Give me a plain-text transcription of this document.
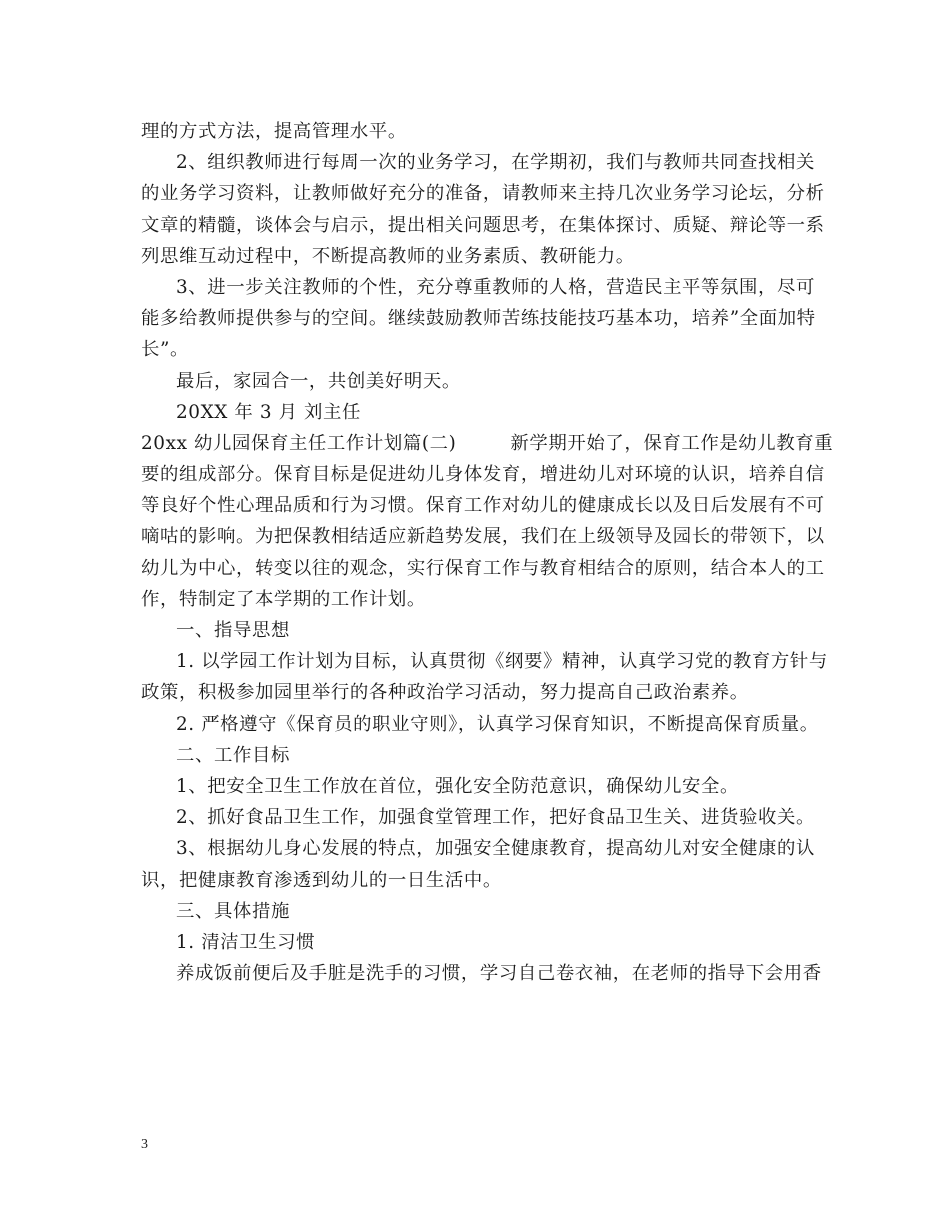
理的方式方法，提高管理水平。
2、组织教师进行每周一次的业务学习，在学期初，我们与教师共同查找相关
的业务学习资料，让教师做好充分的准备，请教师来主持几次业务学习论坛，分析
文章的精髓，谈体会与启示，提出相关问题思考，在集体探讨、质疑、辩论等一系
列思维互动过程中，不断提高教师的业务素质、教研能力。
3、进一步关注教师的个性，充分尊重教师的人格，营造民主平等氛围，尽可
能多给教师提供参与的空间。继续鼓励教师苦练技能技巧基本功，培养”全面加特
长”。
最后，家园合一，共创美好明天。
20XX 年 3 月 刘主任
20xx 幼儿园保育主任工作计划篇(二)	新学期开始了，保育工作是幼儿教育重
要的组成部分。保育目标是促进幼儿身体发育，增进幼儿对环境的认识，培养自信
等良好个性心理品质和行为习惯。保育工作对幼儿的健康成长以及日后发展有不可
嘀咕的影响。为把保教相结适应新趋势发展，我们在上级领导及园长的带领下，以
幼儿为中心，转变以往的观念，实行保育工作与教育相结合的原则，结合本人的工
作，特制定了本学期的工作计划。
一、指导思想
1. 以学园工作计划为目标，认真贯彻《纲要》精神，认真学习党的教育方针与
政策，积极参加园里举行的各种政治学习活动，努力提高自己政治素养。
2. 严格遵守《保育员的职业守则》，认真学习保育知识，不断提高保育质量。
二、工作目标
1、把安全卫生工作放在首位，强化安全防范意识，确保幼儿安全。
2、抓好食品卫生工作，加强食堂管理工作，把好食品卫生关、进货验收关。
3、根据幼儿身心发展的特点，加强安全健康教育，提高幼儿对安全健康的认
识，把健康教育渗透到幼儿的一日生活中。
三、具体措施
1. 清洁卫生习惯
养成饭前便后及手脏是洗手的习惯，学习自己卷衣袖，在老师的指导下会用香
3
